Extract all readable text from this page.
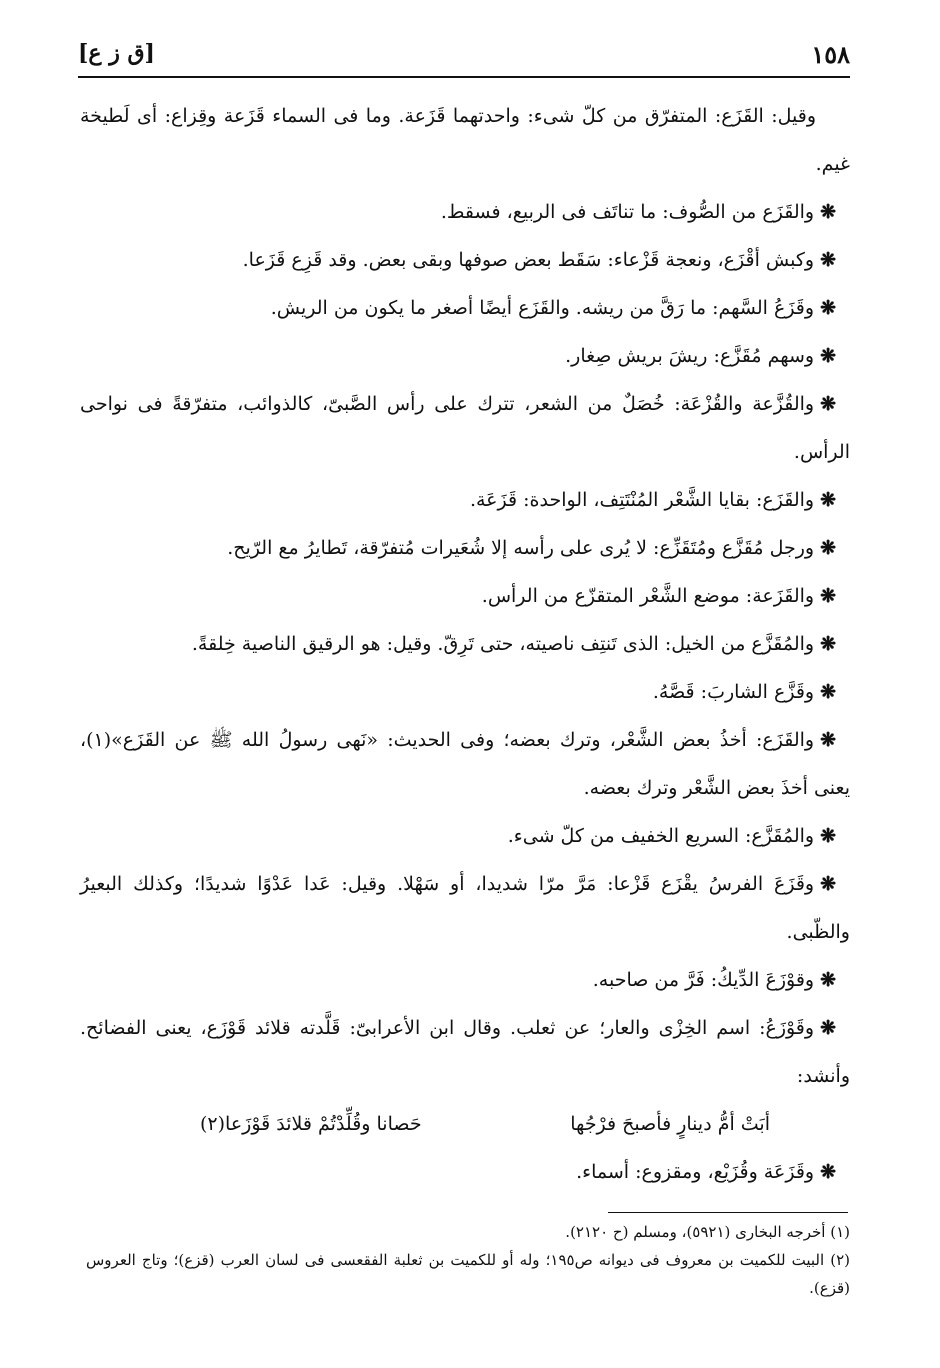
١٥٨
[ق ز ع]

وقيل: القَزَع: المتفرّق من كلّ شىء: واحدتهما قَزَعة. وما فى السماء قَزَعة وقِزاع: أى لَطيخة غيم.

❋والقَزَع من الصُّوف: ما تناتَف فى الربيع، فسقط.

❋وكبش أقْزَع، ونعجة قَزْعاء: سَقَط بعض صوفها وبقى بعض. وقد قَزِع قَزَعا.

❋وقَزَعُ السَّهم: ما رَقَّ من ريشه. والقَزَع أيضًا أصغر ما يكون من الريش.

❋وسهم مُقَزَّع: ريشَ بريش صِغار.

❋والقُزَّعة والقُزْعَة: خُصَلٌ من الشعر، تترك على رأس الصَّبىّ، كالذوائب، متفرّقةً فى نواحى الرأس.

❋والقَزَع: بقايا الشَّعْر المُنْتَتِف، الواحدة: قَزَعَة.

❋ورجل مُقَزَّع ومُتَقَزِّع: لا يُرى على رأسه إلا شُعَيرات مُتفرّقة، تَطايرُ مع الرّيح.

❋والقَزَعة: موضع الشَّعْر المتقزّع من الرأس.

❋والمُقَزَّع من الخيل: الذى تَنتِف ناصيته، حتى تَرِقّ. وقيل: هو الرقيق الناصية خِلقةً.

❋وقَزَّع الشاربَ: قَصَّهُ.

❋والقَزَع: أخذُ بعض الشَّعْر، وترك بعضه؛ وفى الحديث: «نَهى رسولُ الله ﷺ عن القَزَع»(١)، يعنى أخذَ بعض الشَّعْر وترك بعضه.

❋والمُقَزَّع: السريع الخفيف من كلّ شىء.

❋وقَزَعَ الفرسُ يقْزَع قَزْعا: مَرَّ مرّا شديدا، أو سَهْلا. وقيل: عَدا عَدْوًا شديدًا؛ وكذلك البعيرُ والظّبى.

❋وقوْزَعَ الدِّيكُ: فَرَّ من صاحبه.

❋وقَوْزَعُ: اسم الخِزْى والعار؛ عن ثعلب. وقال ابن الأعرابىّ: قَلَّدته قلائد قَوْزَع، يعنى الفضائح. وأنشد:

أبَتْ أمُّ دينارٍ فأصبحَ فرْجُها
حَصانا وقُلِّدْتُمْ قلائدَ قَوْزَعا(٢)

❋وقَزَعَة وقُزَيْع، ومقزوع: أسماء.

(١) أخرجه البخارى (٥٩٢١)، ومسلم (ح ٢١٢٠).

(٢) البيت للكميت بن معروف فى ديوانه ص١٩٥؛ وله أو للكميت بن ثعلبة الفقعسى فى لسان العرب (قزع)؛ وتاج العروس (قزع).
